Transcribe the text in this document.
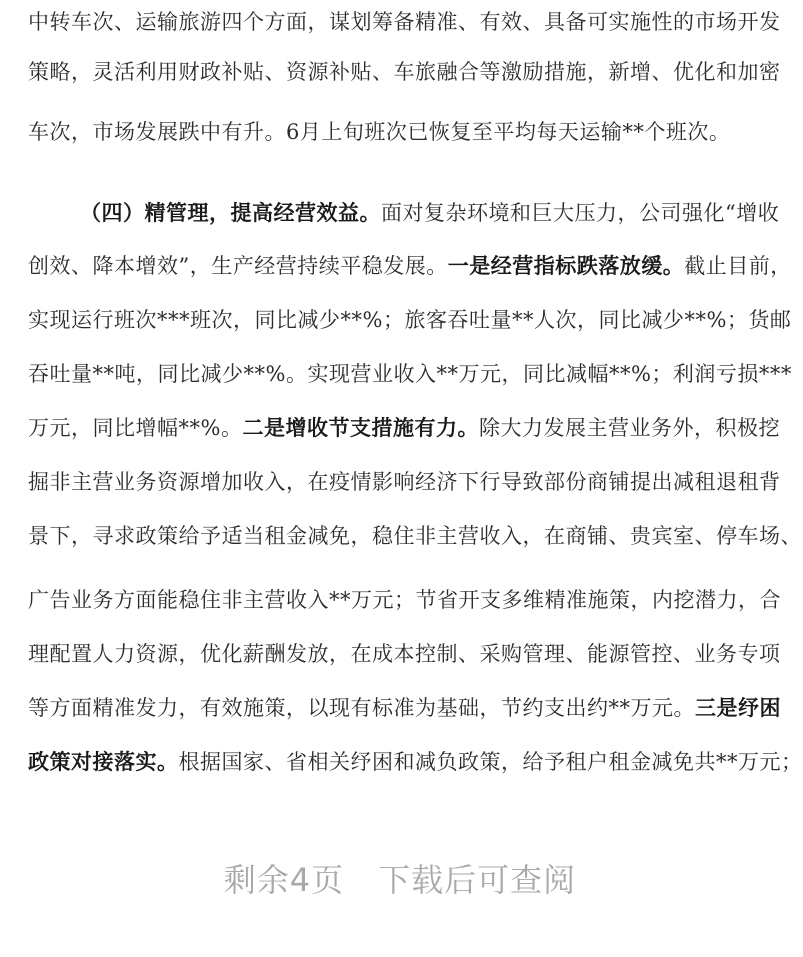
中转车次、运输旅游四个方面，谋划筹备精准、有效、具备可实施性的市场开发
策略，灵活利用财政补贴、资源补贴、车旅融合等激励措施，新增、优化和加密
车次，市场发展跌中有升。6月上旬班次已恢复至平均每天运输**个班次。
（四）精管理，提高经营效益。面对复杂环境和巨大压力，公司强化“增收
创效、降本增效”，生产经营持续平稳发展。一是经营指标跌落放缓。截止目前，
实现运行班次***班次，同比减少**%；旅客吞吐量**人次，同比减少**%；货邮
吞吐量**吨，同比减少**%。实现营业收入**万元，同比减幅**%；利润亏损***
万元，同比增幅**%。二是增收节支措施有力。除大力发展主营业务外，积极挖
掘非主营业务资源增加收入，在疫情影响经济下行导致部份商铺提出减租退租背
景下，寻求政策给予适当租金减免，稳住非主营收入，在商铺、贵宾室、停车场、
广告业务方面能稳住非主营收入**万元；节省开支多维精准施策，内挖潜力，合
理配置人力资源，优化薪酬发放，在成本控制、采购管理、能源管控、业务专项
等方面精准发力，有效施策，以现有标准为基础，节约支出约**万元。三是纾困
政策对接落实。根据国家、省相关纾困和减负政策，给予租户租金减免共**万元；
剩余4页 下载后可查阅
